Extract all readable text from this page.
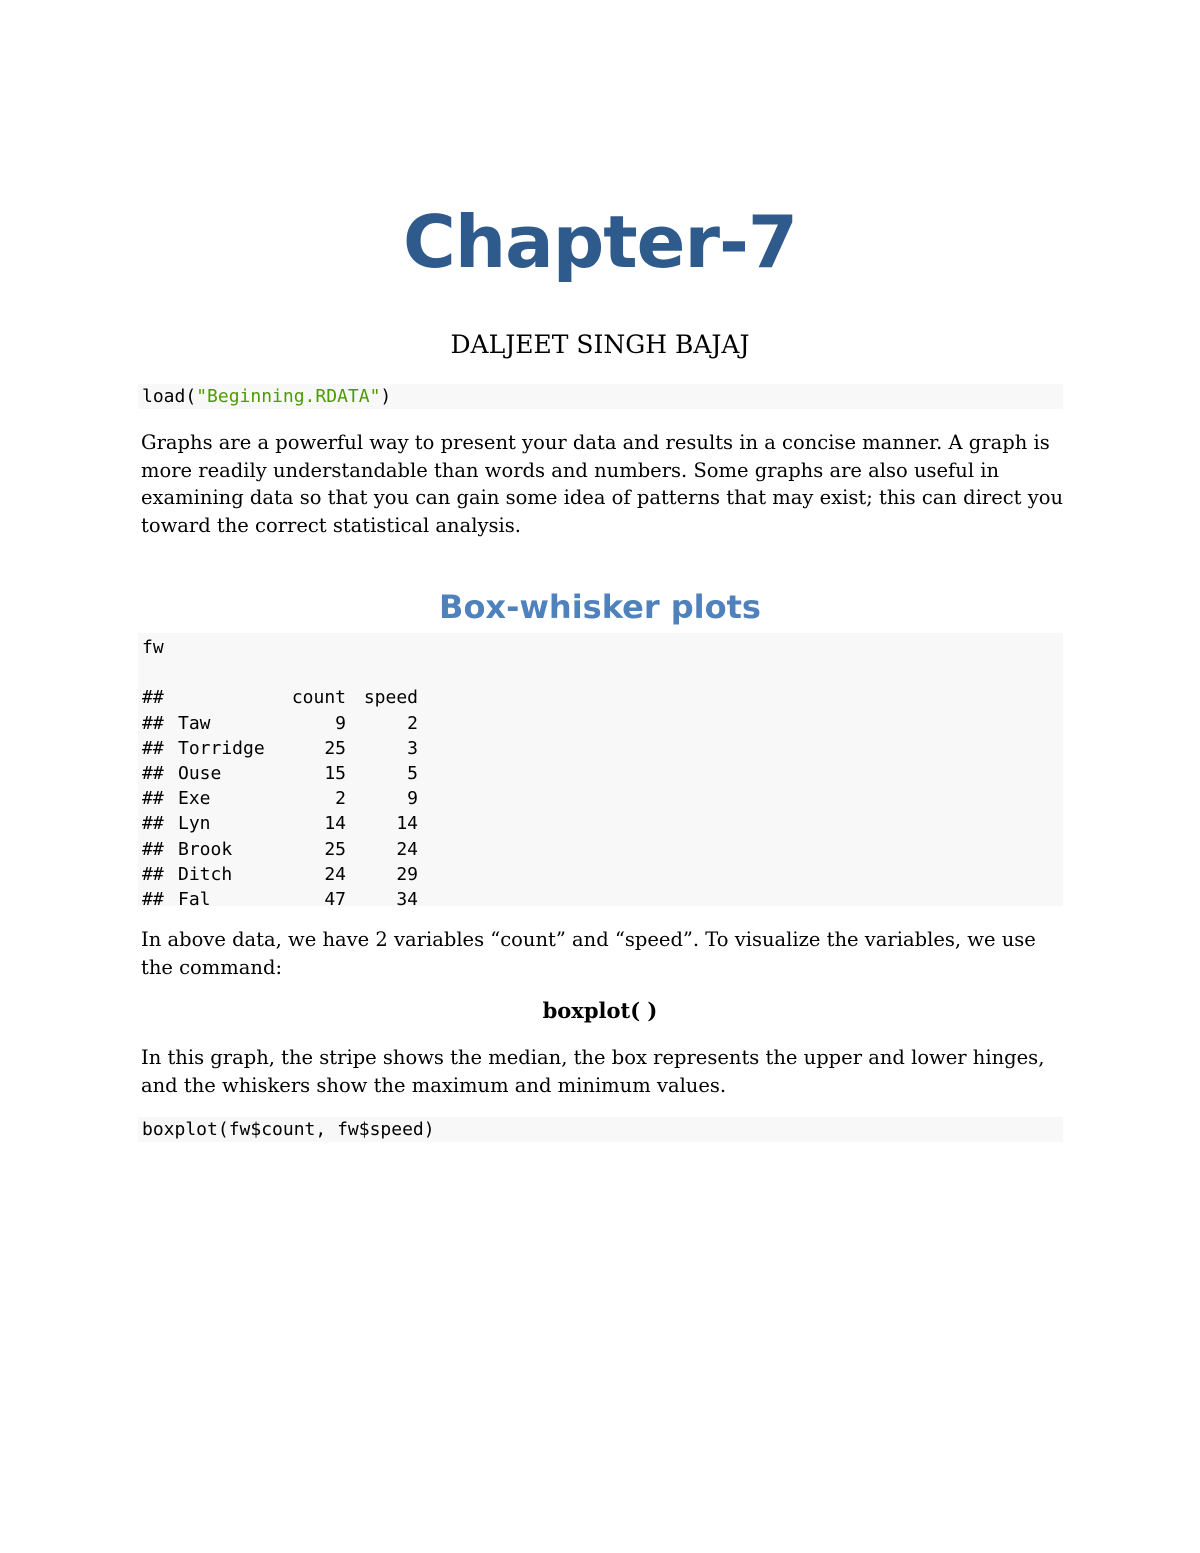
Chapter-7
DALJEET SINGH BAJAJ
load("Beginning.RDATA")
Graphs are a powerful way to present your data and results in a concise manner. A graph is more readily understandable than words and numbers. Some graphs are also useful in examining data so that you can gain some idea of patterns that may exist; this can direct you toward the correct statistical analysis.
Box-whisker plots
fw
##	count speed
## Taw	9	2
## Torridge	25	3
## Ouse	15	5
## Exe	2	9
## Lyn	14	14
## Brook	25	24
## Ditch	24	29
## Fal	47	34
In above data, we have 2 variables “count” and “speed”. To visualize the variables, we use the command:
boxplot( )
In this graph, the stripe shows the median, the box represents the upper and lower hinges, and the whiskers show the maximum and minimum values.
boxplot(fw$count, fw$speed)
